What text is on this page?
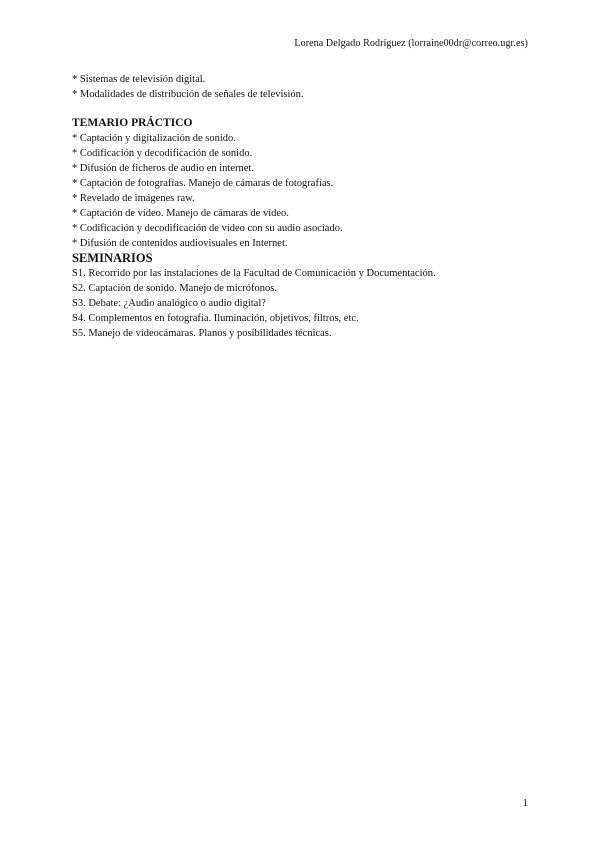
Lorena Delgado Rodríguez (lorraine00dr@correo.ugr.es)
* Sistemas de televisión digital.
* Modalidades de distribución de señales de televisión.
TEMARIO PRÁCTICO
* Captación y digitalización de sonido.
* Codificación y decodificación de sonido.
* Difusión de ficheros de audio en internet.
* Captación de fotografías. Manejo de cámaras de fotografías.
* Revelado de imágenes raw.
* Captación de vídeo. Manejo de cámaras de vídeo.
* Codificación y decodificación de vídeo con su audio asociado.
* Difusión de contenidos audiovisuales en Internet.
SEMINARIOS
S1. Recorrido por las instalaciones de la Facultad de Comunicación y Documentación.
S2. Captación de sonido. Manejo de micrófonos.
S3. Debate: ¿Audio analógico o audio digital?
S4. Complementos en fotografía. Iluminación, objetivos, filtros, etc.
S5. Manejo de videocámaras. Planos y posibilidades técnicas.
1
